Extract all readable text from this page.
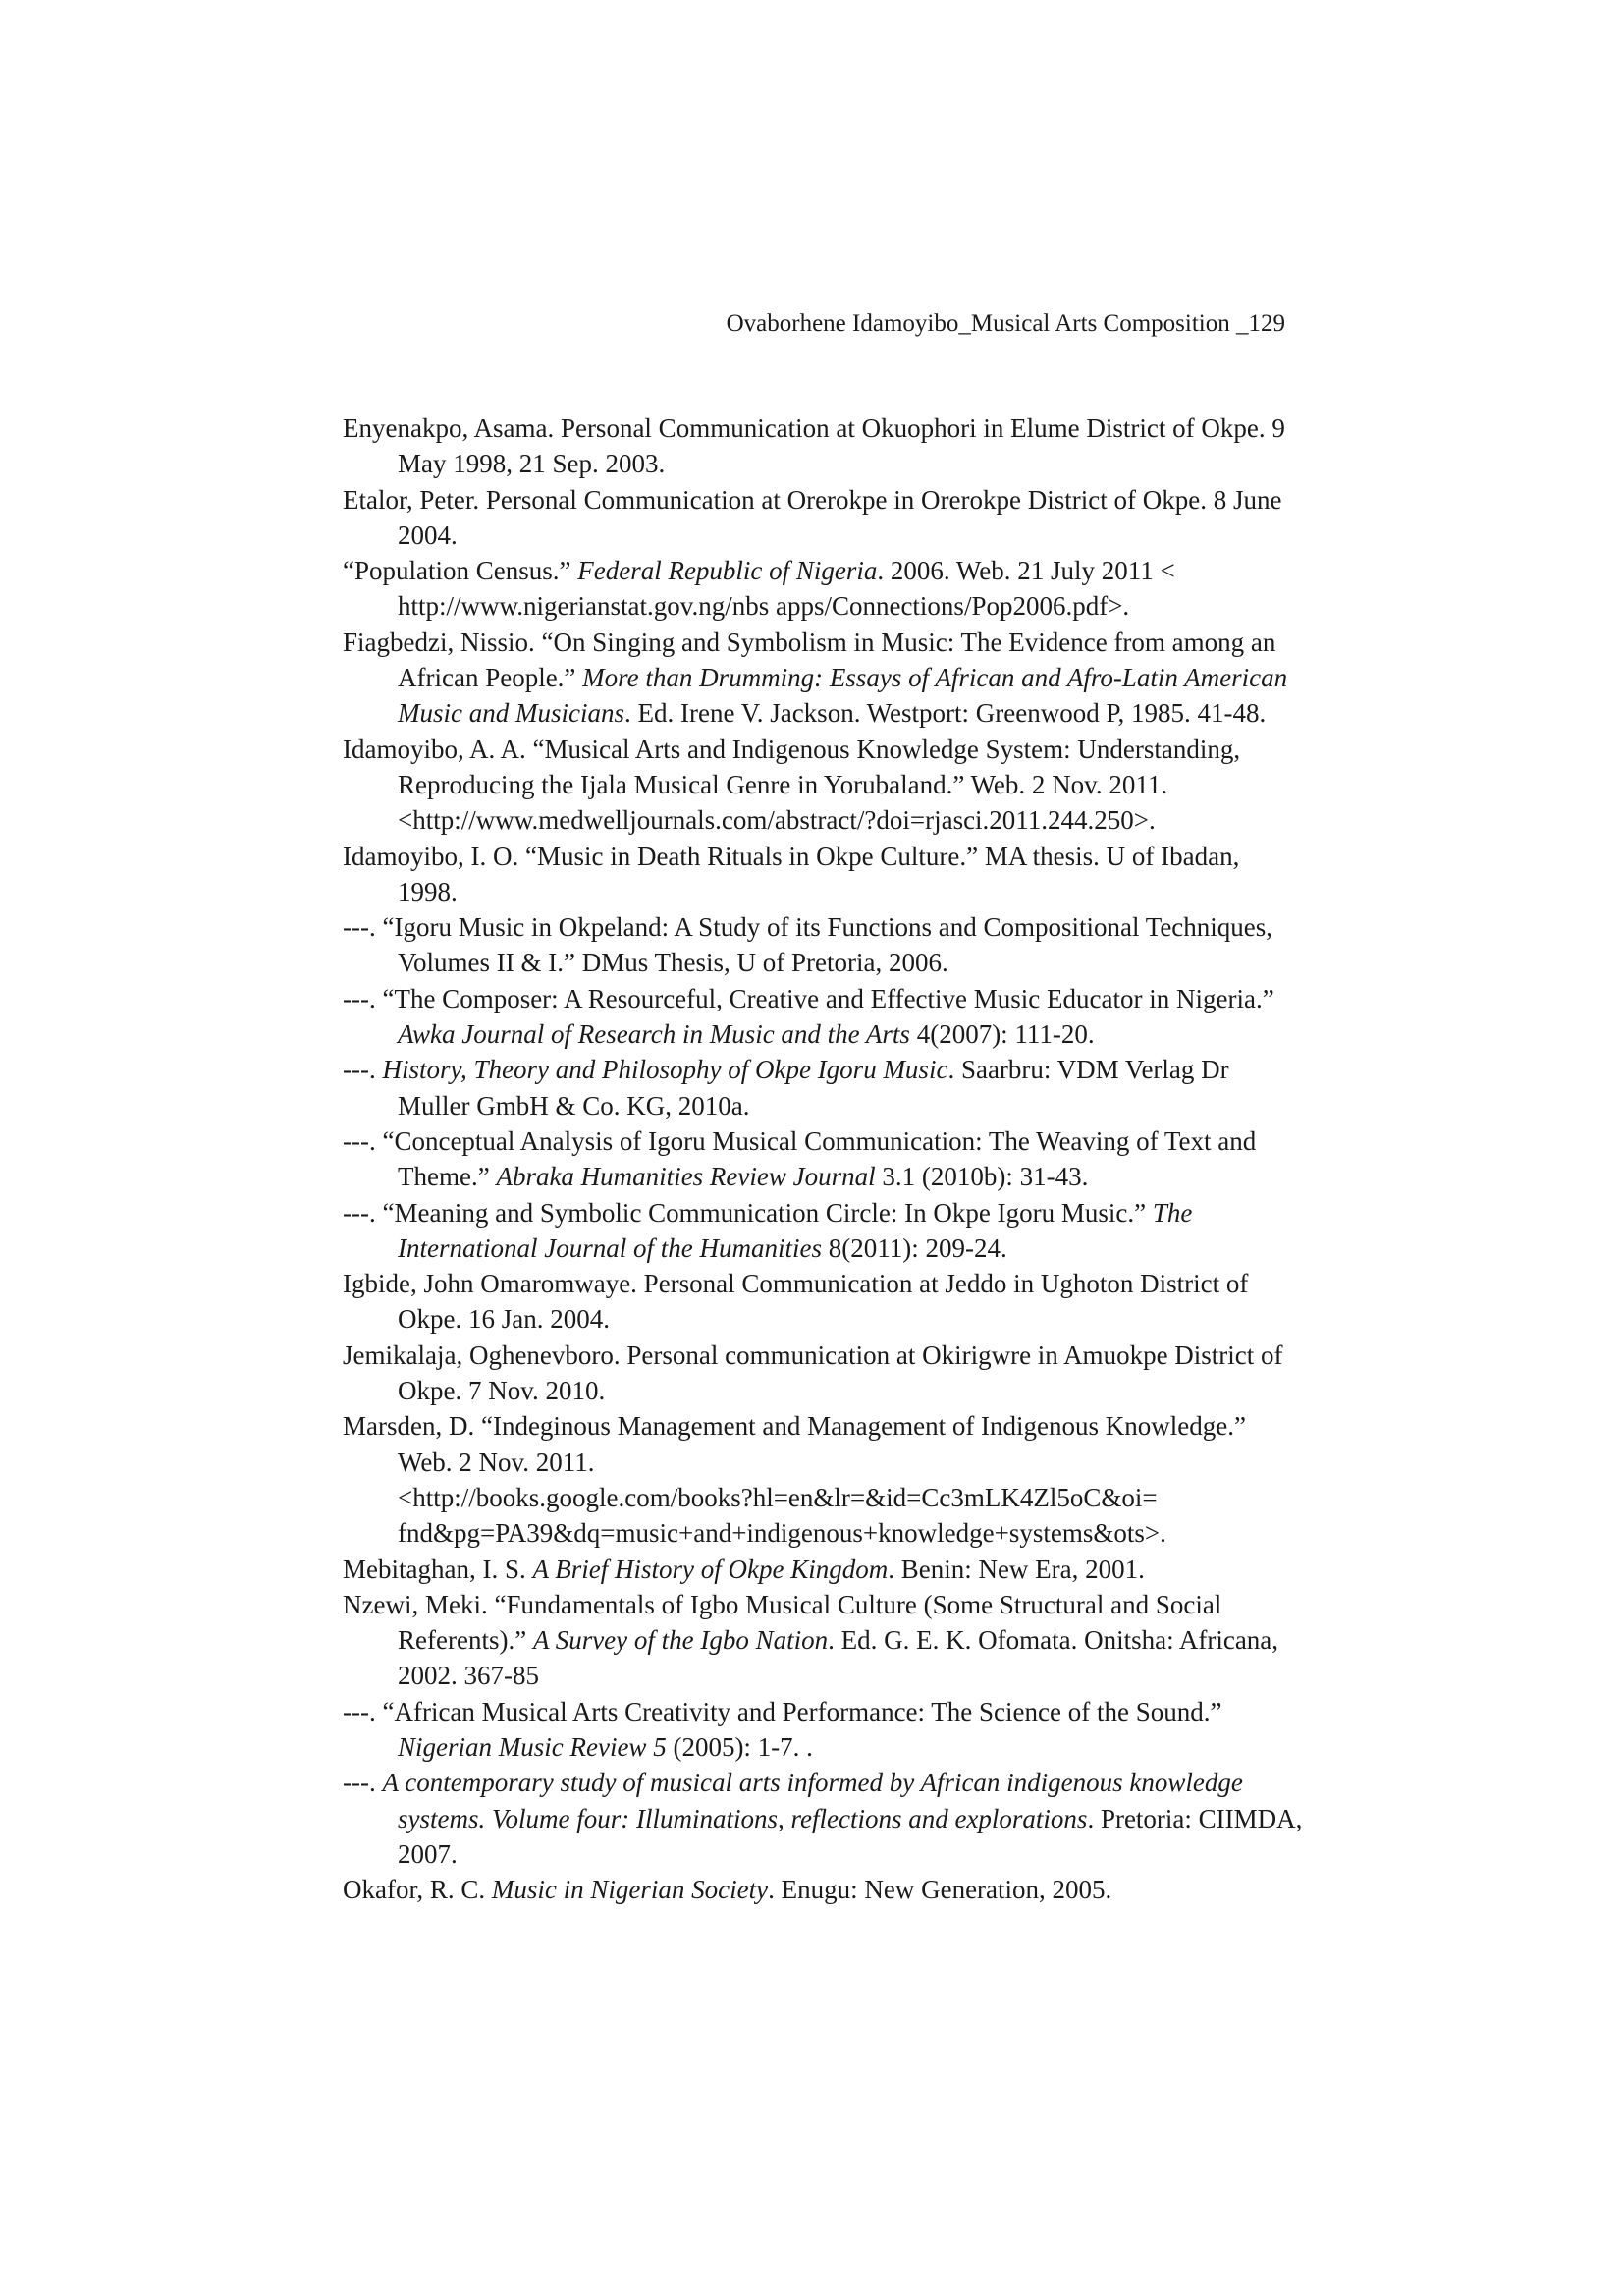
Ovaborhene Idamoyibo_Musical Arts Composition _129
Enyenakpo, Asama. Personal Communication at Okuophori in Elume District of Okpe. 9 May 1998, 21 Sep. 2003.
Etalor, Peter. Personal Communication at Orerokpe in Orerokpe District of Okpe. 8 June 2004.
“Population Census.” Federal Republic of Nigeria. 2006. Web. 21 July 2011 < http://www.nigerianstat.gov.ng/nbs apps/Connections/Pop2006.pdf>.
Fiagbedzi, Nissio. “On Singing and Symbolism in Music: The Evidence from among an African People.” More than Drumming: Essays of African and Afro-Latin American Music and Musicians. Ed. Irene V. Jackson. Westport: Greenwood P, 1985. 41-48.
Idamoyibo, A. A. “Musical Arts and Indigenous Knowledge System: Understanding, Reproducing the Ijala Musical Genre in Yorubaland.” Web. 2 Nov. 2011. <http://www.medwelljournals.com/abstract/?doi=rjasci.2011.244.250>.
Idamoyibo, I. O. “Music in Death Rituals in Okpe Culture.” MA thesis. U of Ibadan, 1998.
---. “Igoru Music in Okpeland: A Study of its Functions and Compositional Techniques, Volumes II & I.” DMus Thesis, U of Pretoria, 2006.
---. “The Composer: A Resourceful, Creative and Effective Music Educator in Nigeria.” Awka Journal of Research in Music and the Arts 4(2007): 111-20.
---. History, Theory and Philosophy of Okpe Igoru Music. Saarbru: VDM Verlag Dr Muller GmbH & Co. KG, 2010a.
---. “Conceptual Analysis of Igoru Musical Communication: The Weaving of Text and Theme.” Abraka Humanities Review Journal 3.1 (2010b): 31-43.
---. “Meaning and Symbolic Communication Circle: In Okpe Igoru Music.” The International Journal of the Humanities 8(2011): 209-24.
Igbide, John Omaromwaye. Personal Communication at Jeddo in Ughoton District of Okpe. 16 Jan. 2004.
Jemikalaja, Oghenevboro. Personal communication at Okirigwre in Amuokpe District of Okpe. 7 Nov. 2010.
Marsden, D. “Indeginous Management and Management of Indigenous Knowledge.” Web. 2 Nov. 2011.
<http://books.google.com/books?hl=en&lr=&id=Cc3mLK4Zl5oC&oi= fnd&pg=PA39&dq=music+and+indigenous+knowledge+systems&ots>.
Mebitaghan, I. S. A Brief History of Okpe Kingdom. Benin: New Era, 2001.
Nzewi, Meki. “Fundamentals of Igbo Musical Culture (Some Structural and Social Referents).” A Survey of the Igbo Nation. Ed. G. E. K. Ofomata. Onitsha: Africana, 2002. 367-85
---. “African Musical Arts Creativity and Performance: The Science of the Sound.” Nigerian Music Review 5 (2005): 1-7. .
---. A contemporary study of musical arts informed by African indigenous knowledge systems. Volume four: Illuminations, reflections and explorations. Pretoria: CIIMDA, 2007.
Okafor, R. C. Music in Nigerian Society. Enugu: New Generation, 2005.
